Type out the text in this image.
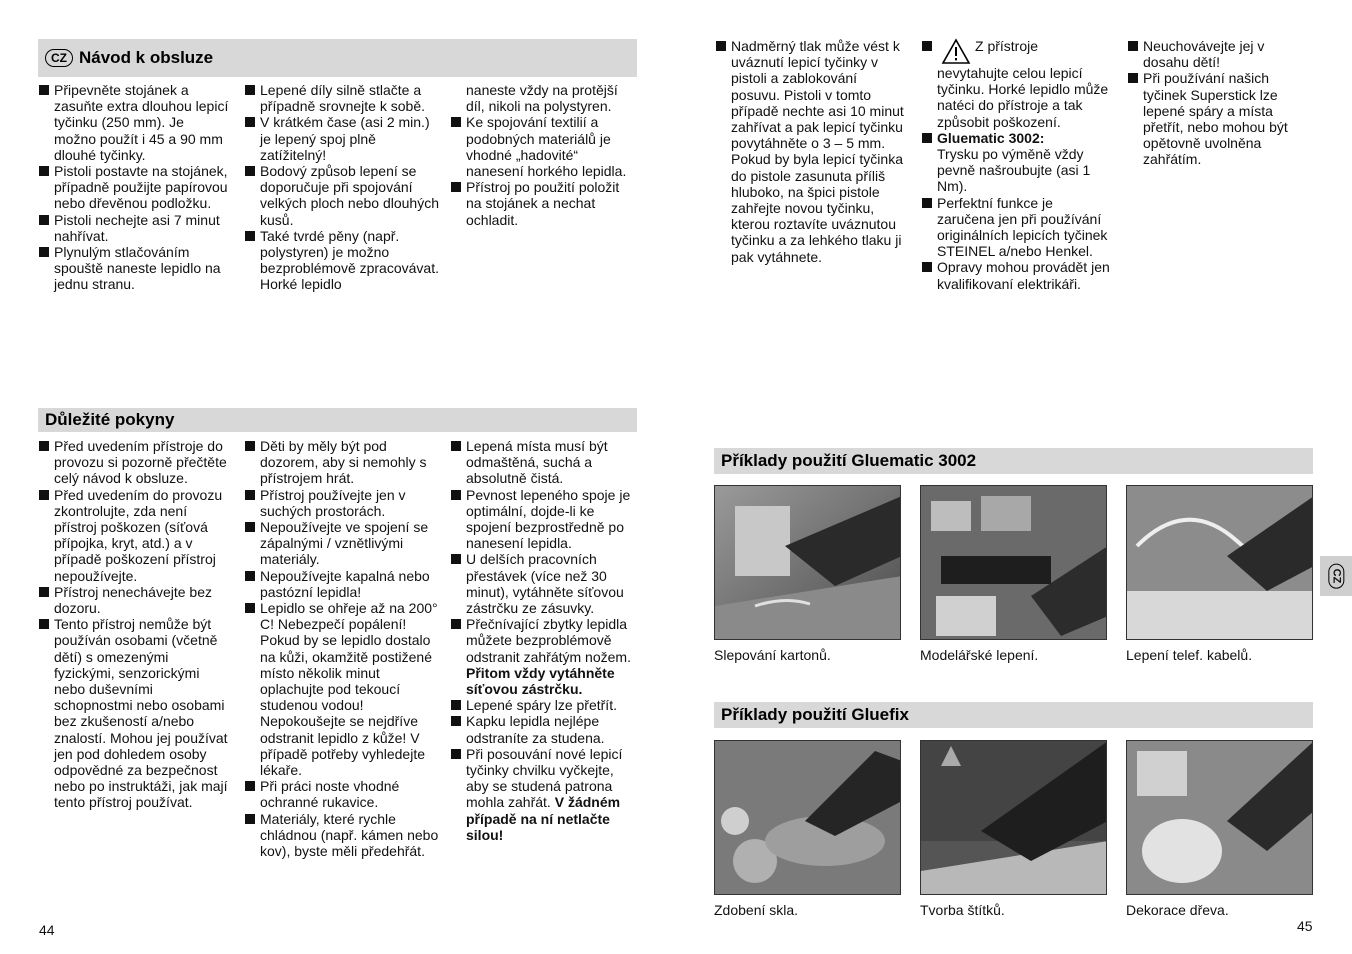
CZ Návod k obsluze
Připevněte stojánek a zasuňte extra dlouhou lepicí tyčinku (250 mm). Je možno použít i 45 a 90 mm dlouhé tyčinky.
Pistoli postavte na stojánek, případně použijte papírovou nebo dřevěnou podložku.
Pistoli nechejte asi 7 minut nahřívat.
Plynulým stlačováním spouště naneste lepidlo na jednu stranu.
Lepené díly silně stlačte a případně srovnejte k sobě.
V krátkém čase (asi 2 min.) je lepený spoj plně zatížitelný!
Bodový způsob lepení se doporučuje při spojování velkých ploch nebo dlouhých kusů.
Také tvrdé pěny (např. polystyren) je možno bezproblémově zpracovávat. Horké lepidlo
naneste vždy na protější díl, nikoli na polystyren.
Ke spojování textilií a podobných materiálů je vhodné „hadovité“ nanesení horkého lepidla.
Přístroj po použití položit na stojánek a nechat ochladit.
Důležité pokyny
Před uvedením přístroje do provozu si pozorně přečtěte celý návod k obsluze.
Před uvedením do provozu zkontrolujte, zda není přístroj poškozen (síťová přípojka, kryt, atd.) a v případě poškození přístroj nepoužívejte.
Přístroj nenechávejte bez dozoru.
Tento přístroj nemůže být používán osobami (včetně dětí) s omezenými fyzickými, senzorickými nebo duševními schopnostmi nebo osobami bez zkušeností a/nebo znalostí. Mohou jej používat jen pod dohledem osoby odpovědné za bezpečnost nebo po instruktáži, jak mají tento přístroj používat.
Děti by měly být pod dozorem, aby si nemohly s přístrojem hrát.
Přístroj používejte jen v suchých prostorách.
Nepoužívejte ve spojení se zápalnými / vznětlivými materiály.
Nepoužívejte kapalná nebo pastózní lepidla!
Lepidlo se ohřeje až na 200° C! Nebezpečí popálení! Pokud by se lepidlo dostalo na kůži, okamžitě postižené místo několik minut oplachujte pod tekoucí studenou vodou! Nepokoušejte se nejdříve odstranit lepidlo z kůže! V případě potřeby vyhledejte lékaře.
Při práci noste vhodné ochranné rukavice.
Materiály, které rychle chládnou (např. kámen nebo kov), byste měli předehřát.
Lepená místa musí být odmaštěná, suchá a absolutně čistá.
Pevnost lepeného spoje je optimální, dojde-li ke spojení bezprostředně po nanesení lepidla.
U delších pracovních přestávek (více než 30 minut), vytáhněte síťovou zástrčku ze zásuvky.
Přečnívající zbytky lepidla můžete bezproblémově odstranit zahřátým nožem. Přitom vždy vytáhněte síťovou zástrčku.
Lepené spáry lze přetřít.
Kapku lepidla nejlépe odstraníte za studena.
Při posouvání nové lepicí tyčinky chvilku vyčkejte, aby se studená patrona mohla zahřát. V žádném případě na ní netlačte silou!
44
Nadměrný tlak může vést k uváznutí lepicí tyčinky v pistoli a zablokování posuvu. Pistoli v tomto případě nechte asi 10 minut zahřívat a pak lepicí tyčinku povytáhněte o 3 – 5 mm. Pokud by byla lepicí tyčinka do pistole zasunuta příliš hluboko, na špici pistole zahřejte novou tyčinku, kterou roztavíte uváznutou tyčinku a za lehkého tlaku ji pak vytáhnete.
Z přístroje nevytahujte celou lepicí tyčinku. Horké lepidlo může natéci do přístroje a tak způsobit poškození.
Gluematic 3002:
Trysku po výměně vždy pevně našroubujte (asi 1 Nm).
Perfektní funkce je zaručena jen při používání originálních lepicích tyčinek STEINEL a/nebo Henkel.
Opravy mohou provádět jen kvalifikovaní elektrikáři.
Neuchovávejte jej v dosahu dětí!
Při používání našich tyčinek Superstick lze lepené spáry a místa přetřít, nebo mohou být opětovně uvolněna zahřátím.
Příklady použití Gluematic 3002
Slepování kartonů.	Modelářské lepení.	Lepení telef. kabelů.
Příklady použití Gluefix
Zdobení skla.	Tvorba štítků.	Dekorace dřeva.
CZ
45
